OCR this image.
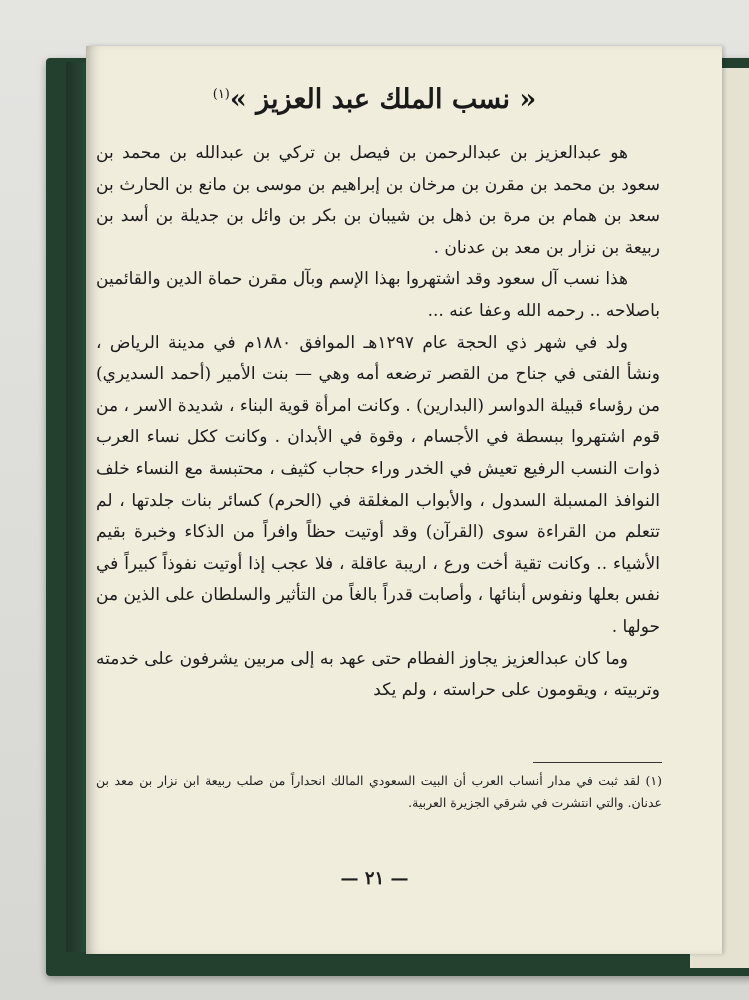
« نسب الملك عبد العزيز »$^{(١)}$

هو عبدالعزيز بن عبدالرحمن بن فيصل بن تركي بن عبدالله بن محمد بن سعود بن محمد بن مقرن بن مرخان بن إبراهيم بن موسى بن مانع بن الحارث بن سعد بن همام بن مرة بن ذهل بن شيبان بن بكر بن وائل بن جديلة بن أسد بن ربيعة بن نزار بن معد بن عدنان .

هذا نسب آل سعود وقد اشتهروا بهذا الإسم وبآل مقرن حماة الدين والقائمين باصلاحه .. رحمه الله وعفا عنه ...

ولد في شهر ذي الحجة عام ١٢٩٧هـ الموافق ١٨٨٠م في مدينة الرياض ، ونشأ الفتى في جناح من القصر ترضعه أمه وهي — بنت الأمير (أحمد السديري) من رؤساء قبيلة الدواسر (البدارين) . وكانت امرأة قوية البناء ، شديدة الاسر ، من قوم اشتهروا ببسطة في الأجسام ، وقوة في الأبدان . وكانت ككل نساء العرب ذوات النسب الرفيع تعيش في الخدر وراء حجاب كثيف ، محتبسة مع النساء خلف النوافذ المسبلة السدول ، والأبواب المغلقة في (الحرم) كسائر بنات جلدتها ، لم تتعلم من القراءة سوى (القرآن) وقد أوتيت حظاً وافراً من الذكاء وخبرة بقيم الأشياء .. وكانت تقية أخت ورع ، اريبة عاقلة ، فلا عجب إذا أوتيت نفوذاً كبيراً في نفس بعلها ونفوس أبنائها ، وأصابت قدراً بالغاً من التأثير والسلطان على الذين من حولها .

وما كان عبدالعزيز يجاوز الفطام حتى عهد به إلى مربين يشرفون على خدمته وتربيته ، ويقومون على حراسته ، ولم يكد

(١) لقد ثبت في مدار أنساب العرب أن البيت السعودي المالك انحداراً من صلب ربيعة ابن نزار بن معد بن عدنان. والتي انتشرت في شرقي الجزيرة العربية.
— ٢١ —
